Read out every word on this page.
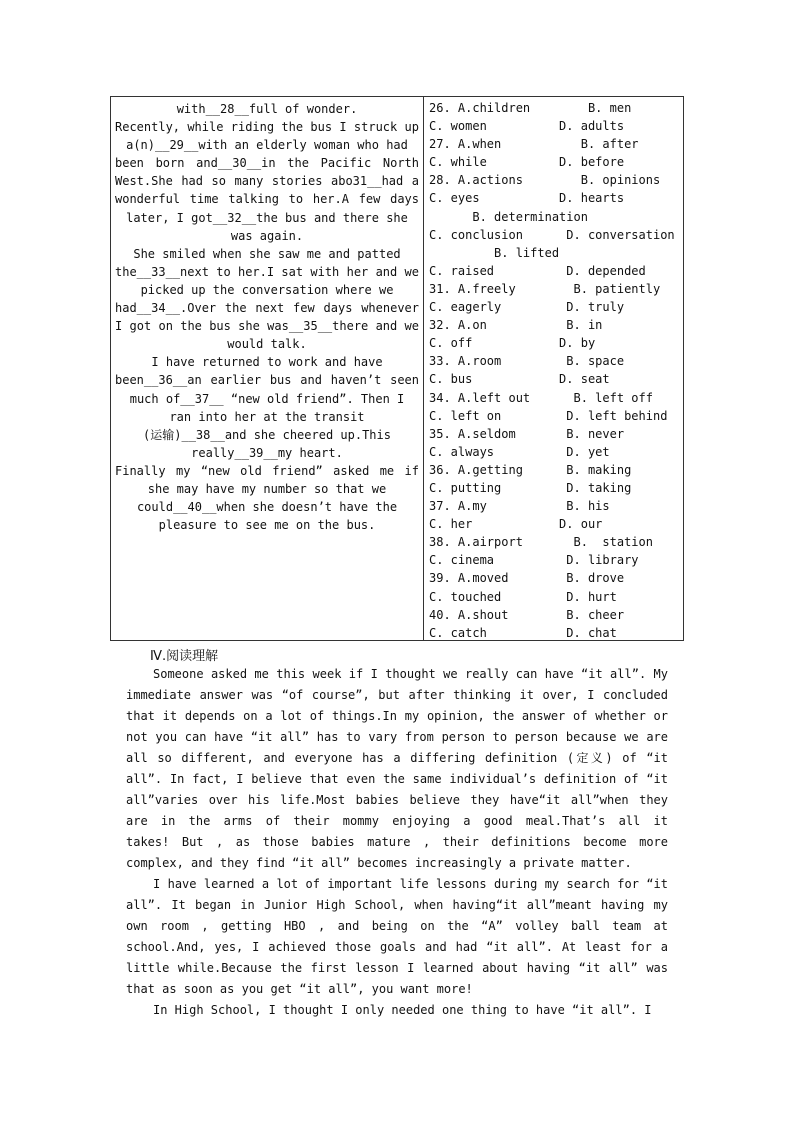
with__28__full of wonder.
Recently, while riding the bus I struck up
a(n)__29__with an elderly woman who had
been born and__30__in the Pacific North
West.She had so many stories abo31__had a
wonderful time talking to her.A few days
later, I got__32__the bus and there she
was again.
She smiled when she saw me and patted
the__33__next to her.I sat with her and we
picked up the conversation where we
had__34__.Over the next few days whenever
I got on the bus she was__35__there and we
would talk.
I have returned to work and have
been__36__an earlier bus and haven’t seen
much of__37__ “new old friend”. Then I
ran into her at the transit
(运输)__38__and she cheered up.This
really__39__my heart.
Finally my “new old friend” asked me if
she may have my number so that we
could__40__when she doesn’t have the
pleasure to see me on the bus.
26. A.children        B. men
C. women          D. adults
27. A.when           B. after
C. while          D. before
28. A.actions        B. opinions
C. eyes           D. hearts
B. determination
C. conclusion      D. conversation
B. lifted
C. raised          D. depended
31. A.freely        B. patiently
C. eagerly         D. truly
32. A.on           B. in
C. off            D. by
33. A.room         B. space
C. bus            D. seat
34. A.left out      B. left off
C. left on         D. left behind
35. A.seldom       B. never
C. always          D. yet
36. A.getting      B. making
C. putting         D. taking
37. A.my           B. his
C. her            D. our
38. A.airport       B.  station
C. cinema          D. library
39. A.moved        B. drove
C. touched         D. hurt
40. A.shout        B. cheer
C. catch           D. chat
Ⅳ.阅读理解
Someone asked me this week if I thought we really can have “it all”. My
immediate answer was “of course”, but after thinking it over, I concluded
that it depends on a lot of things.In my opinion, the answer of whether or
not you can have “it all” has to vary from person to person because we are
all so different, and everyone has a differing definition (定义) of “it
all”. In fact, I believe that even the same individual’s definition of “it
all”varies over his life.Most babies believe they have“it all”when they
are in the arms of their mommy enjoying a good meal.That’s all it
takes! But , as those babies mature , their definitions become more
complex, and they find “it all” becomes increasingly a private matter.
I have learned a lot of important life lessons during my search for “it
all”. It began in Junior High School, when having“it all”meant having my
own room , getting HBO , and being on the “A” volley ball team at
school.And, yes, I achieved those goals and had “it all”. At least for a
little while.Because the first lesson I learned about having “it all” was
that as soon as you get “it all”, you want more!
In High School, I thought I only needed one thing to have “it all”. I
